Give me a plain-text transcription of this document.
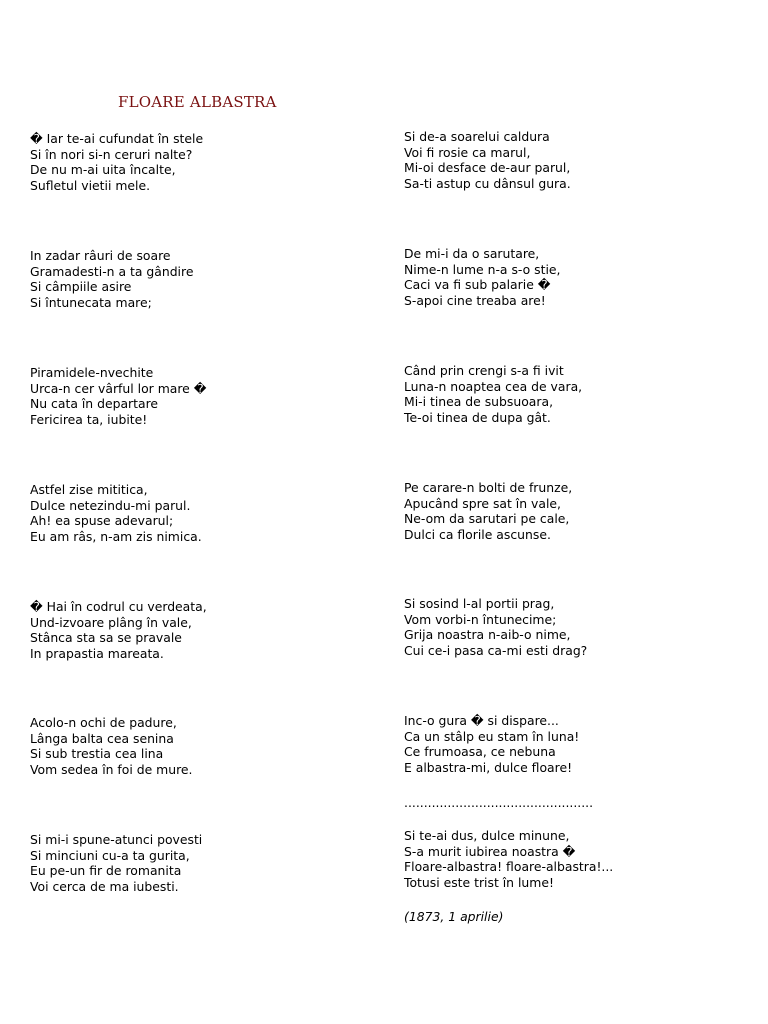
FLOARE ALBASTRA

� Iar te-ai cufundat în stele
Si în nori si-n ceruri nalte?
De nu m-ai uita încalte,
Sufletul vietii mele.

In zadar râuri de soare
Gramadesti-n a ta gândire
Si câmpiile asire
Si întunecata mare;

Piramidele-nvechite
Urca-n cer vârful lor mare �
Nu cata în departare
Fericirea ta, iubite!

Astfel zise mititica,
Dulce netezindu-mi parul.
Ah! ea spuse adevarul;
Eu am râs, n-am zis nimica.

� Hai în codrul cu verdeata,
Und-izvoare plâng în vale,
Stânca sta sa se pravale
In prapastia mareata.

Acolo-n ochi de padure,
Lânga balta cea senina
Si sub trestia cea lina
Vom sedea în foi de mure.

Si mi-i spune-atunci povesti
Si minciuni cu-a ta gurita,
Eu pe-un fir de romanita
Voi cerca de ma iubesti.

Si de-a soarelui caldura
Voi fi rosie ca marul,
Mi-oi desface de-aur parul,
Sa-ti astup cu dânsul gura.

De mi-i da o sarutare,
Nime-n lume n-a s-o stie,
Caci va fi sub palarie �
S-apoi cine treaba are!

Când prin crengi s-a fi ivit
Luna-n noaptea cea de vara,
Mi-i tinea de subsuoara,
Te-oi tinea de dupa gât.

Pe carare-n bolti de frunze,
Apucând spre sat în vale,
Ne-om da sarutari pe cale,
Dulci ca florile ascunse.

Si sosind l-al portii prag,
Vom vorbi-n întunecime;
Grija noastra n-aib-o nime,
Cui ce-i pasa ca-mi esti drag?

Inc-o gura � si dispare...
Ca un stâlp eu stam în luna!
Ce frumoasa, ce nebuna
E albastra-mi, dulce floare!

................................................

Si te-ai dus, dulce minune,
S-a murit iubirea noastra �
Floare-albastra! floare-albastra!...
Totusi este trist în lume!

(1873, 1 aprilie)
